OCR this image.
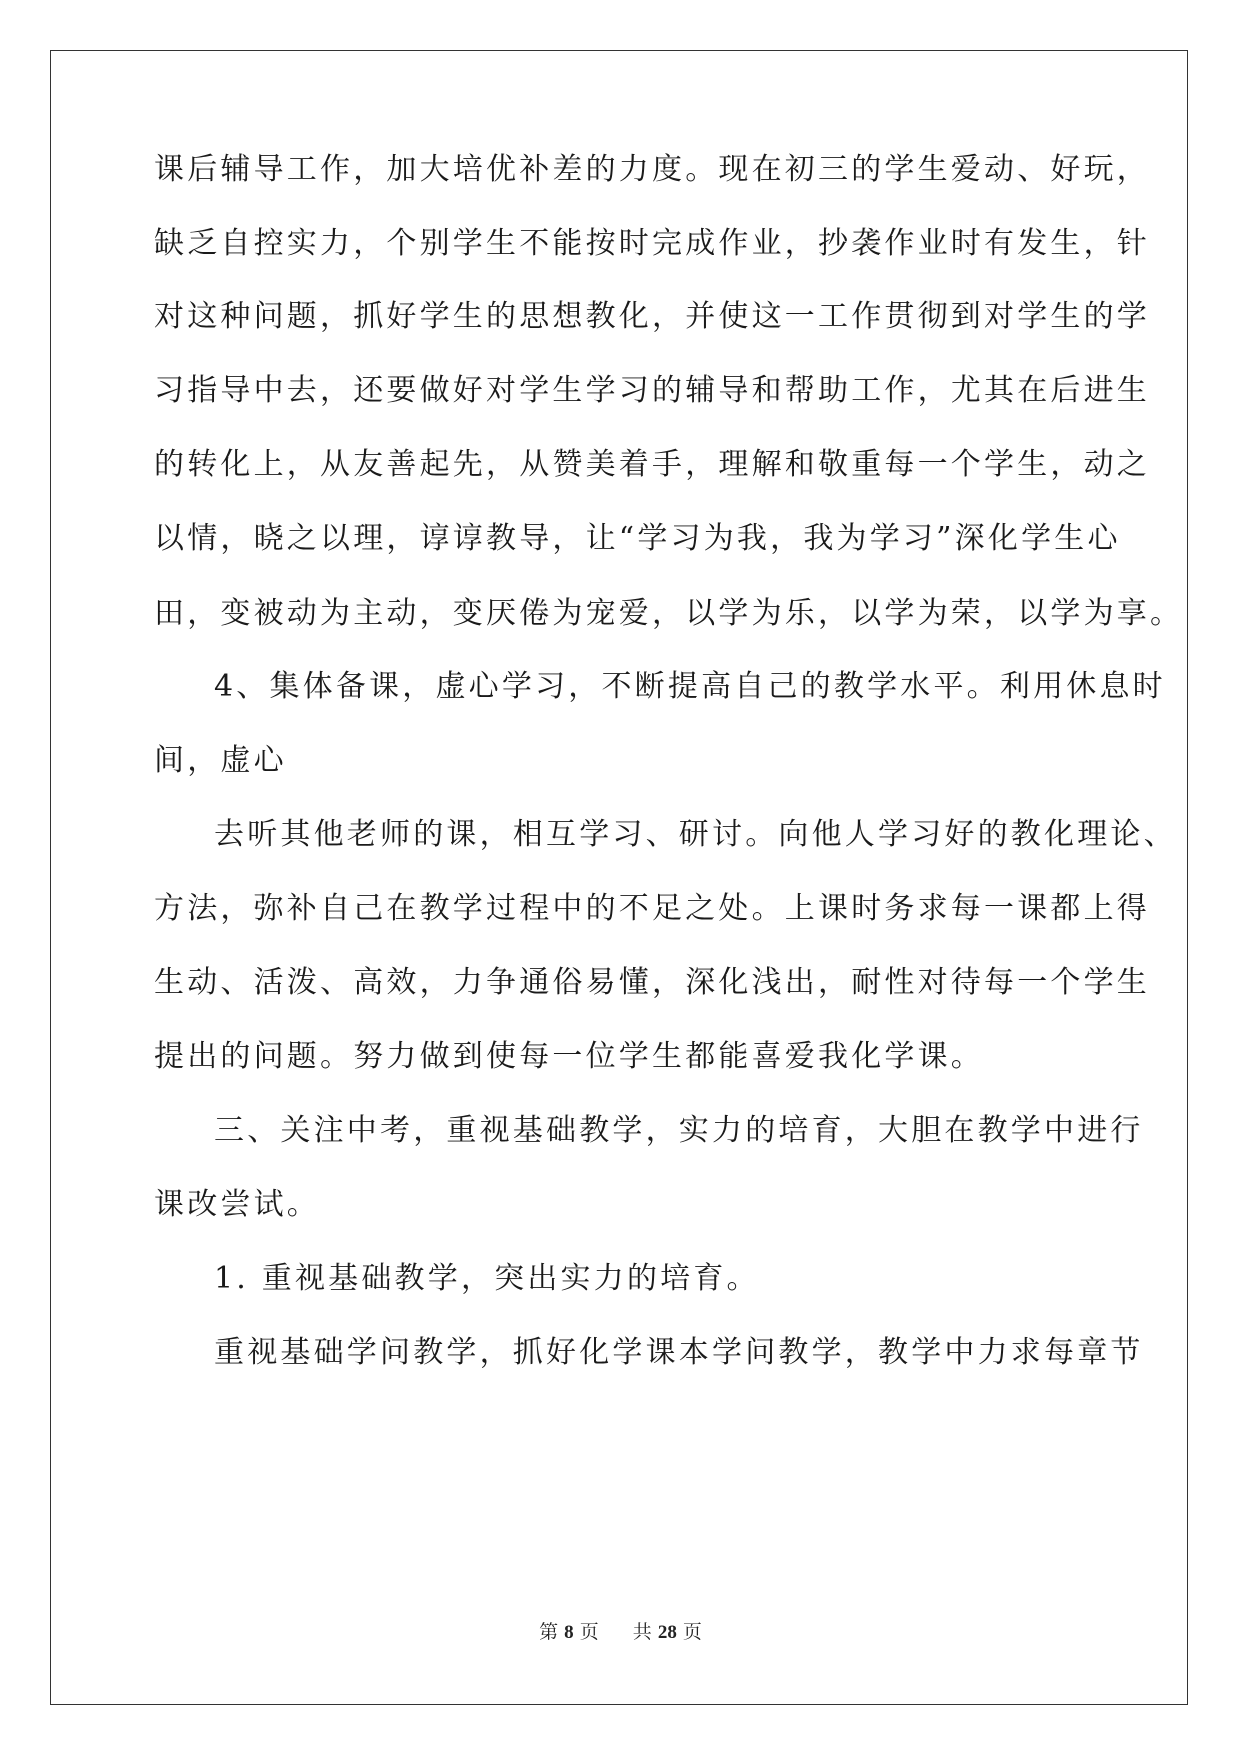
课后辅导工作，加大培优补差的力度。现在初三的学生爱动、好玩，
缺乏自控实力，个别学生不能按时完成作业，抄袭作业时有发生，针
对这种问题，抓好学生的思想教化，并使这一工作贯彻到对学生的学
习指导中去，还要做好对学生学习的辅导和帮助工作，尤其在后进生
的转化上，从友善起先，从赞美着手，理解和敬重每一个学生，动之
以情，晓之以理，谆谆教导，让“学习为我，我为学习”深化学生心
田，变被动为主动，变厌倦为宠爱，以学为乐，以学为荣，以学为享。
4、集体备课，虚心学习，不断提高自己的教学水平。利用休息时
间，虚心
去听其他老师的课，相互学习、研讨。向他人学习好的教化理论、
方法，弥补自己在教学过程中的不足之处。上课时务求每一课都上得
生动、活泼、高效，力争通俗易懂，深化浅出，耐性对待每一个学生
提出的问题。努力做到使每一位学生都能喜爱我化学课。
三、关注中考，重视基础教学，实力的培育，大胆在教学中进行
课改尝试。
1. 重视基础教学，突出实力的培育。
重视基础学问教学，抓好化学课本学问教学，教学中力求每章节
第 8 页 共 28 页
